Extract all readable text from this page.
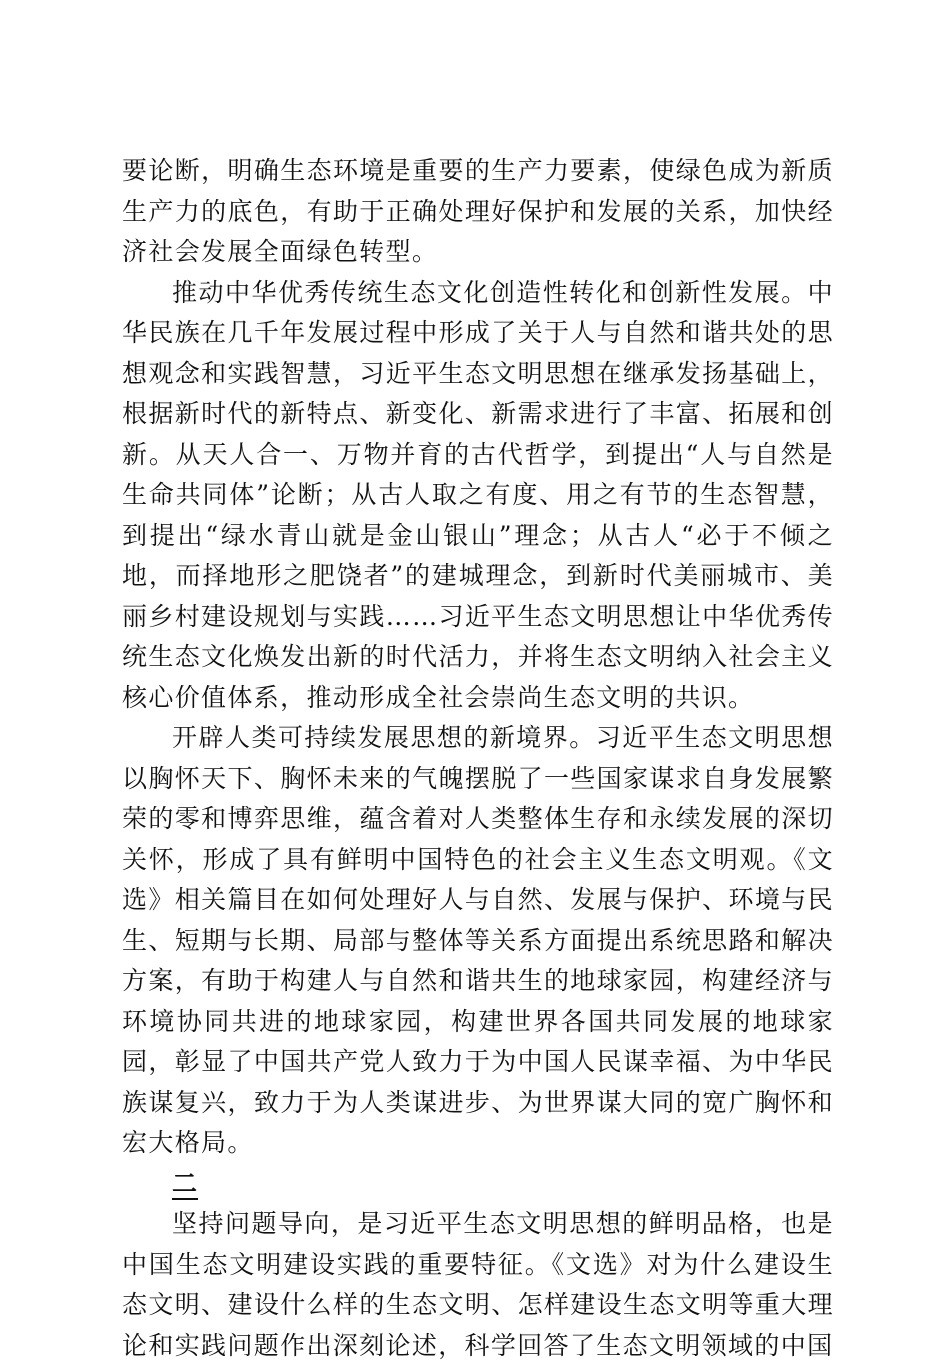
要论断，明确生态环境是重要的生产力要素，使绿色成为新质生产力的底色，有助于正确处理好保护和发展的关系，加快经济社会发展全面绿色转型。

推动中华优秀传统生态文化创造性转化和创新性发展。中华民族在几千年发展过程中形成了关于人与自然和谐共处的思想观念和实践智慧，习近平生态文明思想在继承发扬基础上，根据新时代的新特点、新变化、新需求进行了丰富、拓展和创新。从天人合一、万物并育的古代哲学，到提出“人与自然是生命共同体”论断；从古人取之有度、用之有节的生态智慧，到提出“绿水青山就是金山银山”理念；从古人“必于不倾之地，而择地形之肥饶者”的建城理念，到新时代美丽城市、美丽乡村建设规划与实践……习近平生态文明思想让中华优秀传统生态文化焕发出新的时代活力，并将生态文明纳入社会主义核心价值体系，推动形成全社会崇尚生态文明的共识。

开辟人类可持续发展思想的新境界。习近平生态文明思想以胸怀天下、胸怀未来的气魄摆脱了一些国家谋求自身发展繁荣的零和博弈思维，蕴含着对人类整体生存和永续发展的深切关怀，形成了具有鲜明中国特色的社会主义生态文明观。《文选》相关篇目在如何处理好人与自然、发展与保护、环境与民生、短期与长期、局部与整体等关系方面提出系统思路和解决方案，有助于构建人与自然和谐共生的地球家园，构建经济与环境协同共进的地球家园，构建世界各国共同发展的地球家园，彰显了中国共产党人致力于为中国人民谋幸福、为中华民族谋复兴，致力于为人类谋进步、为世界谋大同的宽广胸怀和宏大格局。

二

坚持问题导向，是习近平生态文明思想的鲜明品格，也是中国生态文明建设实践的重要特征。《文选》对为什么建设生态文明、建设什么样的生态文明、怎样建设生态文明等重大理论和实践问题作出深刻论述，科学回答了生态文明领域的中国
